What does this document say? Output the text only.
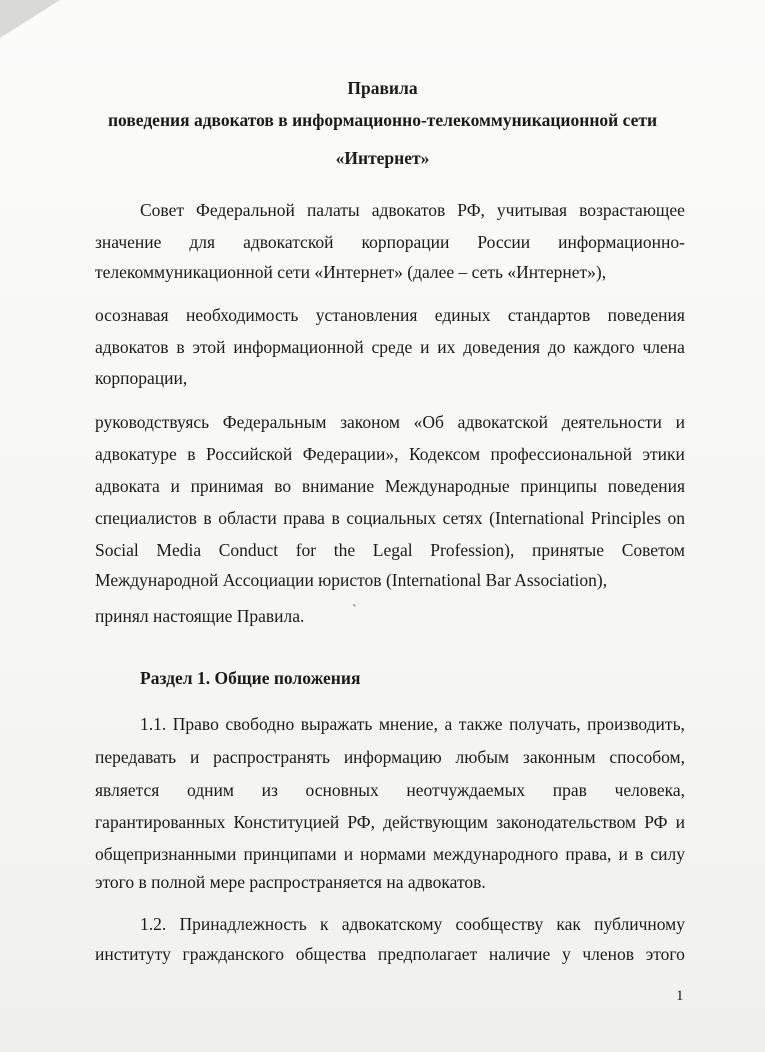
⠀	Правила
поведения адвокатов в информационно-телекоммуникационной сети
«Интернет»
Совет Федеральной палаты адвокатов РФ, учитывая возрастающее
значение для адвокатской корпорации России информационно-
телекоммуникационной сети «Интернет» (далее – сеть «Интернет»),
осознавая необходимость установления единых стандартов поведения
адвокатов в этой информационной среде и их доведения до каждого члена
корпорации,
руководствуясь Федеральным законом «Об адвокатской деятельности и
адвокатуре в Российской Федерации», Кодексом профессиональной этики
адвоката и принимая во внимание Международные принципы поведения
специалистов в области права в социальных сетях (International Principles on
Social Media Conduct for the Legal Profession), принятые Советом
Международной Ассоциации юристов (International Bar Association),
принял настоящие Правила.
1.1. Право свободно выражать мнение, а также получать, производить,
передавать и распространять информацию любым законным способом,
является одним из основных неотчуждаемых прав человека,
гарантированных Конституцией РФ, действующим законодательством РФ и
общепризнанными принципами и нормами международного права, и в силу
этого в полной мере распространяется на адвокатов.
1.2. Принадлежность к адвокатскому сообществу как публичному
институту гражданского общества предполагает наличие у членов этого
Раздел 1. Общие положения
`
1
